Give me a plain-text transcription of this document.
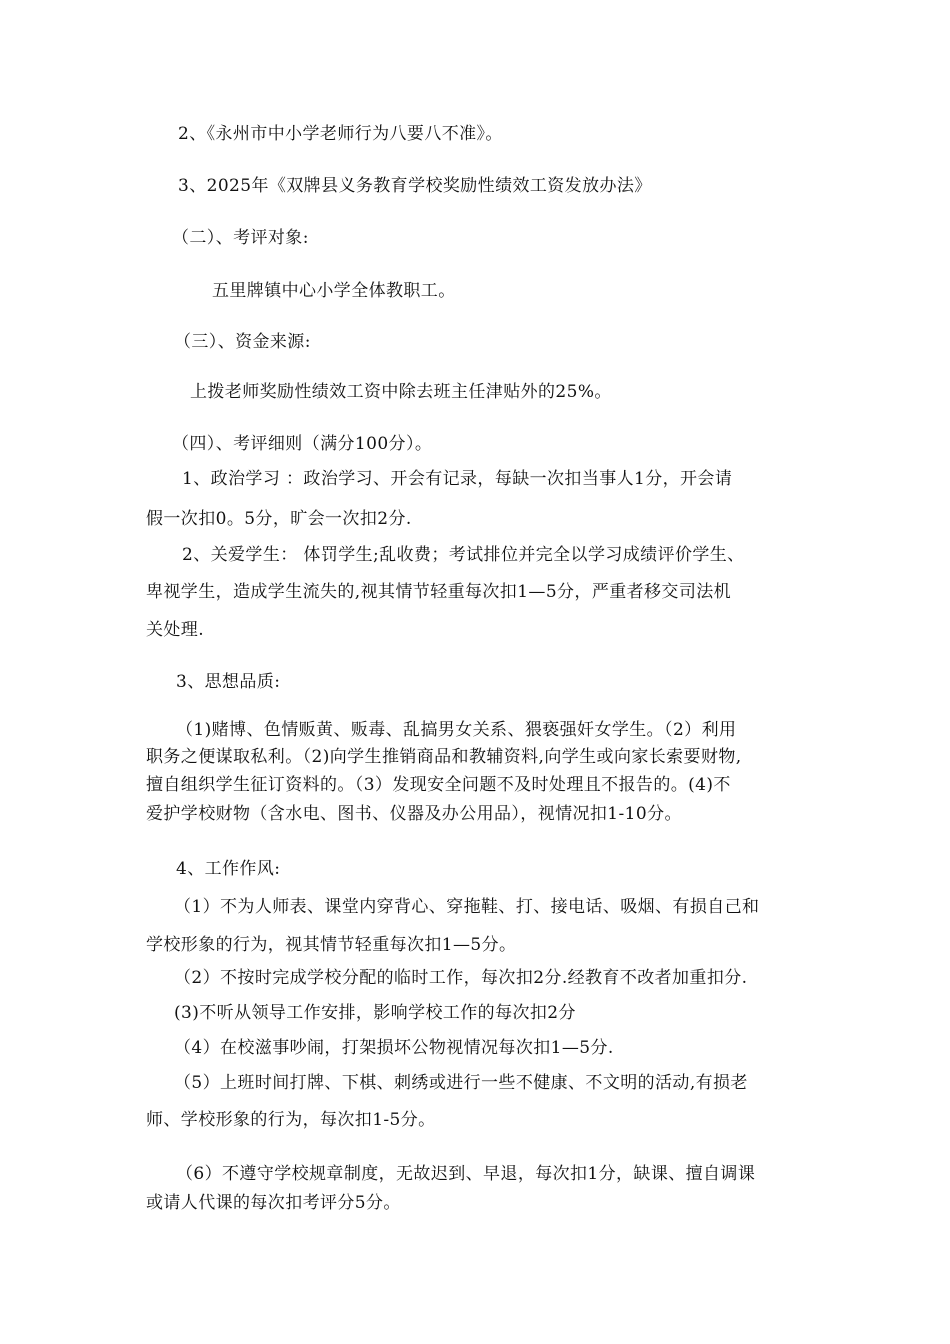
2、《永州市中小学老师行为八要八不准》。
3、2025年《双牌县义务教育学校奖励性绩效工资发放办法》
（二）、考评对象:
五里牌镇中心小学全体教职工。
（三）、资金来源:
上拨老师奖励性绩效工资中除去班主任津贴外的25%。
（四）、考评细则（满分100分）。
1、政治学习 ：政治学习、开会有记录，每缺一次扣当事人1分，开会请
假一次扣0。5分，旷会一次扣2分.
2、关爱学生： 体罚学生;乱收费；考试排位并完全以学习成绩评价学生、
卑视学生，造成学生流失的,视其情节轻重每次扣1—5分，严重者移交司法机
关处理.
3、思想品质:
（1)赌博、色情贩黄、贩毒、乱搞男女关系、猥亵强奸女学生。（2）利用
职务之便谋取私利。（2)向学生推销商品和教辅资料,向学生或向家长索要财物,
擅自组织学生征订资料的。（3）发现安全问题不及时处理且不报告的。(4)不
爱护学校财物（含水电、图书、仪器及办公用品），视情况扣1-10分。
4、工作作风:
（1）不为人师表、课堂内穿背心、穿拖鞋、打、接电话、吸烟、有损自己和
学校形象的行为，视其情节轻重每次扣1—5分。
（2）不按时完成学校分配的临时工作，每次扣2分.经教育不改者加重扣分.
(3)不听从领导工作安排，影响学校工作的每次扣2分
（4）在校滋事吵闹，打架损坏公物视情况每次扣1—5分.
（5）上班时间打牌、下棋、刺绣或进行一些不健康、不文明的活动,有损老
师、学校形象的行为，每次扣1-5分。
（6）不遵守学校规章制度，无故迟到、早退，每次扣1分，缺课、擅自调课
或请人代课的每次扣考评分5分。
